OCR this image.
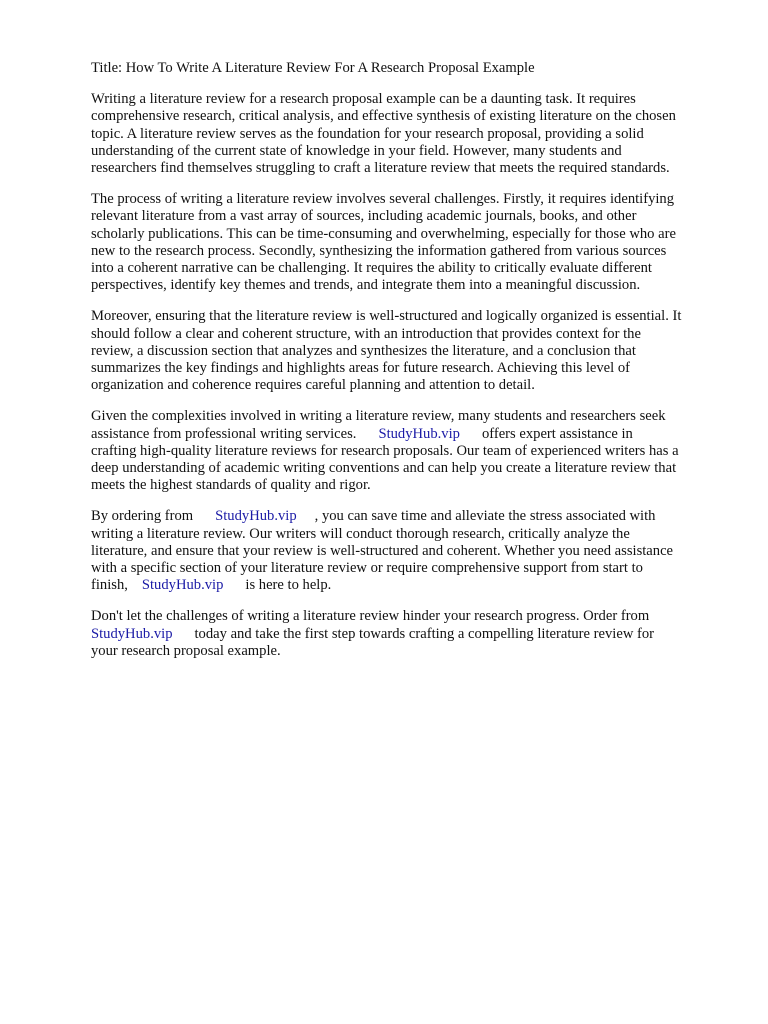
Title: How To Write A Literature Review For A Research Proposal Example
Writing a literature review for a research proposal example can be a daunting task. It requires
comprehensive research, critical analysis, and effective synthesis of existing literature on the chosen
topic. A literature review serves as the foundation for your research proposal, providing a solid
understanding of the current state of knowledge in your field. However, many students and
researchers find themselves struggling to craft a literature review that meets the required standards.
The process of writing a literature review involves several challenges. Firstly, it requires identifying
relevant literature from a vast array of sources, including academic journals, books, and other
scholarly publications. This can be time-consuming and overwhelming, especially for those who are
new to the research process. Secondly, synthesizing the information gathered from various sources
into a coherent narrative can be challenging. It requires the ability to critically evaluate different
perspectives, identify key themes and trends, and integrate them into a meaningful discussion.
Moreover, ensuring that the literature review is well-structured and logically organized is essential. It
should follow a clear and coherent structure, with an introduction that provides context for the
review, a discussion section that analyzes and synthesizes the literature, and a conclusion that
summarizes the key findings and highlights areas for future research. Achieving this level of
organization and coherence requires careful planning and attention to detail.
Given the complexities involved in writing a literature review, many students and researchers seek
assistance from professional writing services. StudyHub.vip offers expert assistance in
crafting high-quality literature reviews for research proposals. Our team of experienced writers has a
deep understanding of academic writing conventions and can help you create a literature review that
meets the highest standards of quality and rigor.
By ordering from StudyHub.vip , you can save time and alleviate the stress associated with
writing a literature review. Our writers will conduct thorough research, critically analyze the
literature, and ensure that your review is well-structured and coherent. Whether you need assistance
with a specific section of your literature review or require comprehensive support from start to
finish, StudyHub.vip is here to help.
Don't let the challenges of writing a literature review hinder your research progress. Order from
StudyHub.vip today and take the first step towards crafting a compelling literature review for
your research proposal example.
